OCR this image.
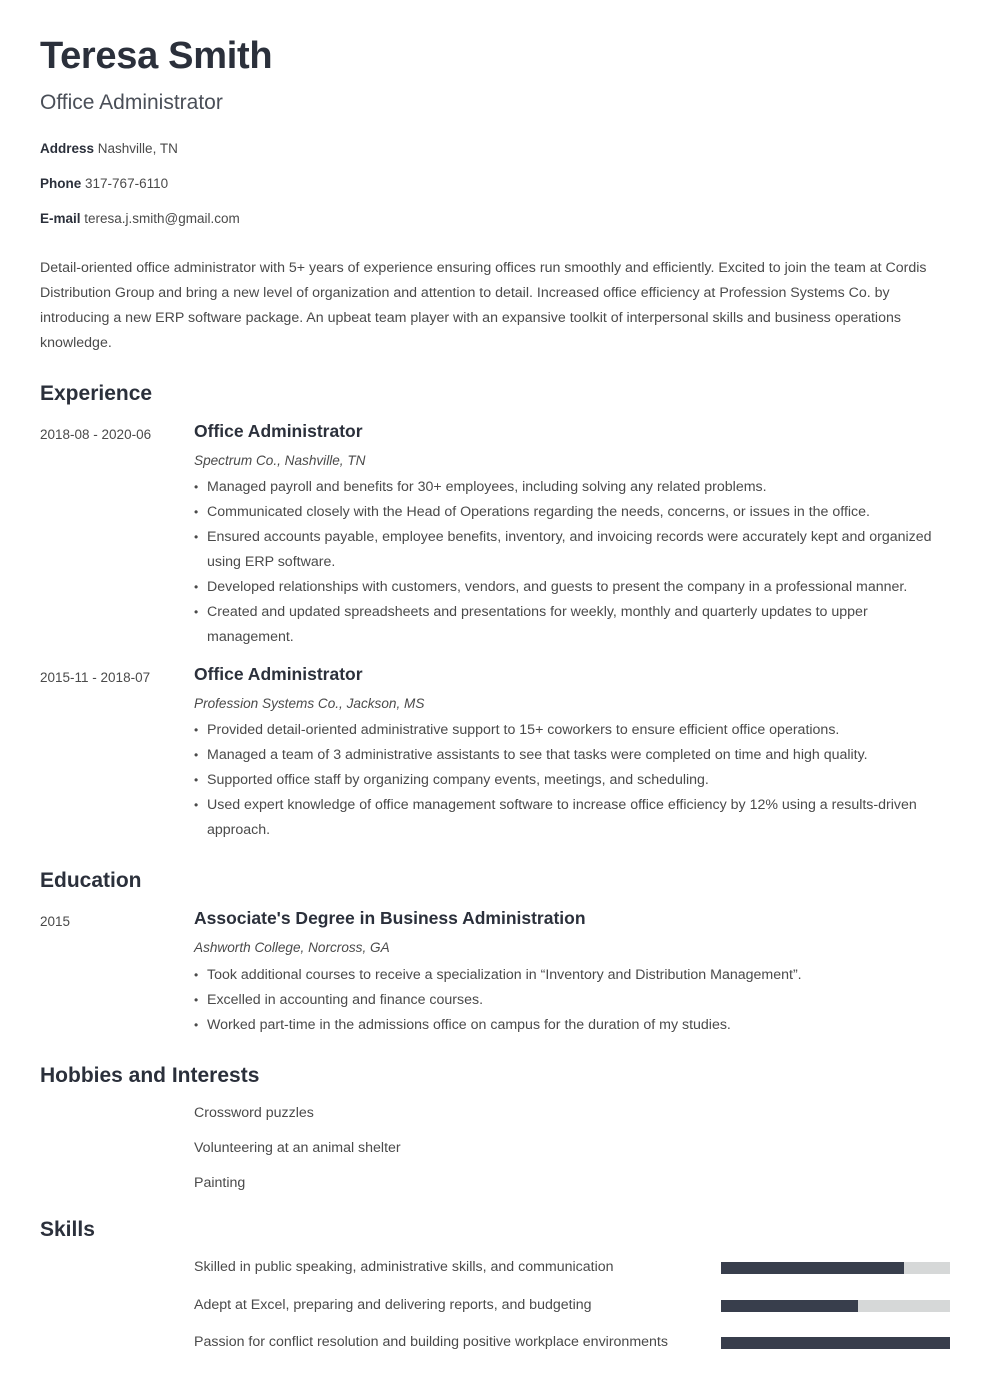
Teresa Smith
Office Administrator
Address Nashville, TN
Phone 317-767-6110
E-mail teresa.j.smith@gmail.com

Detail-oriented office administrator with 5+ years of experience ensuring offices run smoothly and efficiently. Excited to join the team at Cordis Distribution Group and bring a new level of organization and attention to detail. Increased office efficiency at Profession Systems Co. by introducing a new ERP software package. An upbeat team player with an expansive toolkit of interpersonal skills and business operations knowledge.

Experience
2018-08 - 2020-06	Office Administrator
Spectrum Co., Nashville, TN
• Managed payroll and benefits for 30+ employees, including solving any related problems.
• Communicated closely with the Head of Operations regarding the needs, concerns, or issues in the office.
• Ensured accounts payable, employee benefits, inventory, and invoicing records were accurately kept and organized using ERP software.
• Developed relationships with customers, vendors, and guests to present the company in a professional manner.
• Created and updated spreadsheets and presentations for weekly, monthly and quarterly updates to upper management.
2015-11 - 2018-07	Office Administrator
Profession Systems Co., Jackson, MS
• Provided detail-oriented administrative support to 15+ coworkers to ensure efficient office operations.
• Managed a team of 3 administrative assistants to see that tasks were completed on time and high quality.
• Supported office staff by organizing company events, meetings, and scheduling.
• Used expert knowledge of office management software to increase office efficiency by 12% using a results-driven approach.
Education
2015	Associate's Degree in Business Administration
Ashworth College, Norcross, GA
• Took additional courses to receive a specialization in “Inventory and Distribution Management”.
• Excelled in accounting and finance courses.
• Worked part-time in the admissions office on campus for the duration of my studies.
Hobbies and Interests
Crossword puzzles
Volunteering at an animal shelter
Painting
Skills
Skilled in public speaking, administrative skills, and communication
Adept at Excel, preparing and delivering reports, and budgeting
Passion for conflict resolution and building positive workplace environments
